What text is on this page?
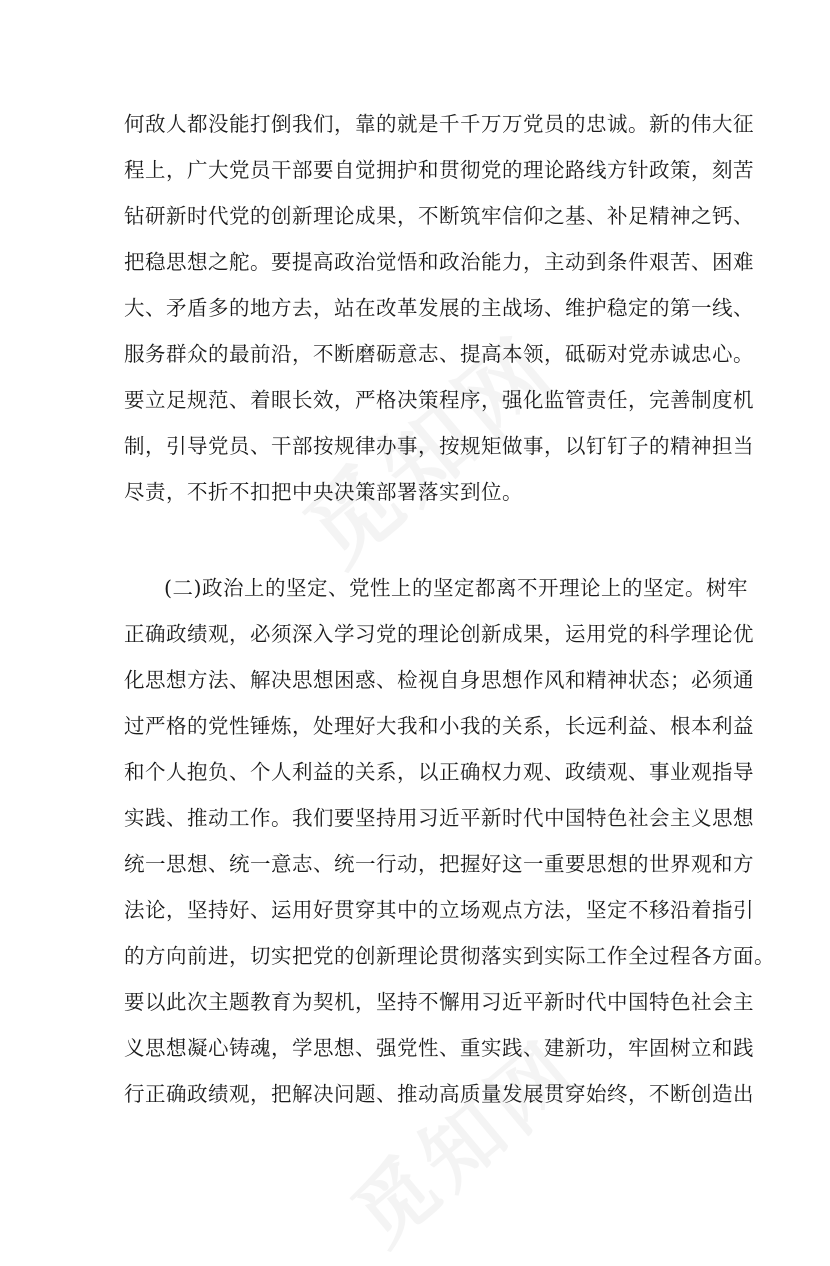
何敌人都没能打倒我们，靠的就是千千万万党员的忠诚。新的伟大征
程上，广大党员干部要自觉拥护和贯彻党的理论路线方针政策，刻苦
钻研新时代党的创新理论成果，不断筑牢信仰之基、补足精神之钙、
把稳思想之舵。要提高政治觉悟和政治能力，主动到条件艰苦、困难
大、矛盾多的地方去，站在改革发展的主战场、维护稳定的第一线、
服务群众的最前沿，不断磨砺意志、提高本领，砥砺对党赤诚忠心。
要立足规范、着眼长效，严格决策程序，强化监管责任，完善制度机
制，引导党员、干部按规律办事，按规矩做事，以钉钉子的精神担当
尽责，不折不扣把中央决策部署落实到位。
(二)政治上的坚定、党性上的坚定都离不开理论上的坚定。树牢
正确政绩观，必须深入学习党的理论创新成果，运用党的科学理论优
化思想方法、解决思想困惑、检视自身思想作风和精神状态；必须通
过严格的党性锤炼，处理好大我和小我的关系，长远利益、根本利益
和个人抱负、个人利益的关系，以正确权力观、政绩观、事业观指导
实践、推动工作。我们要坚持用习近平新时代中国特色社会主义思想
统一思想、统一意志、统一行动，把握好这一重要思想的世界观和方
法论，坚持好、运用好贯穿其中的立场观点方法，坚定不移沿着指引
的方向前进，切实把党的创新理论贯彻落实到实际工作全过程各方面。
要以此次主题教育为契机，坚持不懈用习近平新时代中国特色社会主
义思想凝心铸魂，学思想、强党性、重实践、建新功，牢固树立和践
行正确政绩观，把解决问题、推动高质量发展贯穿始终，不断创造出
